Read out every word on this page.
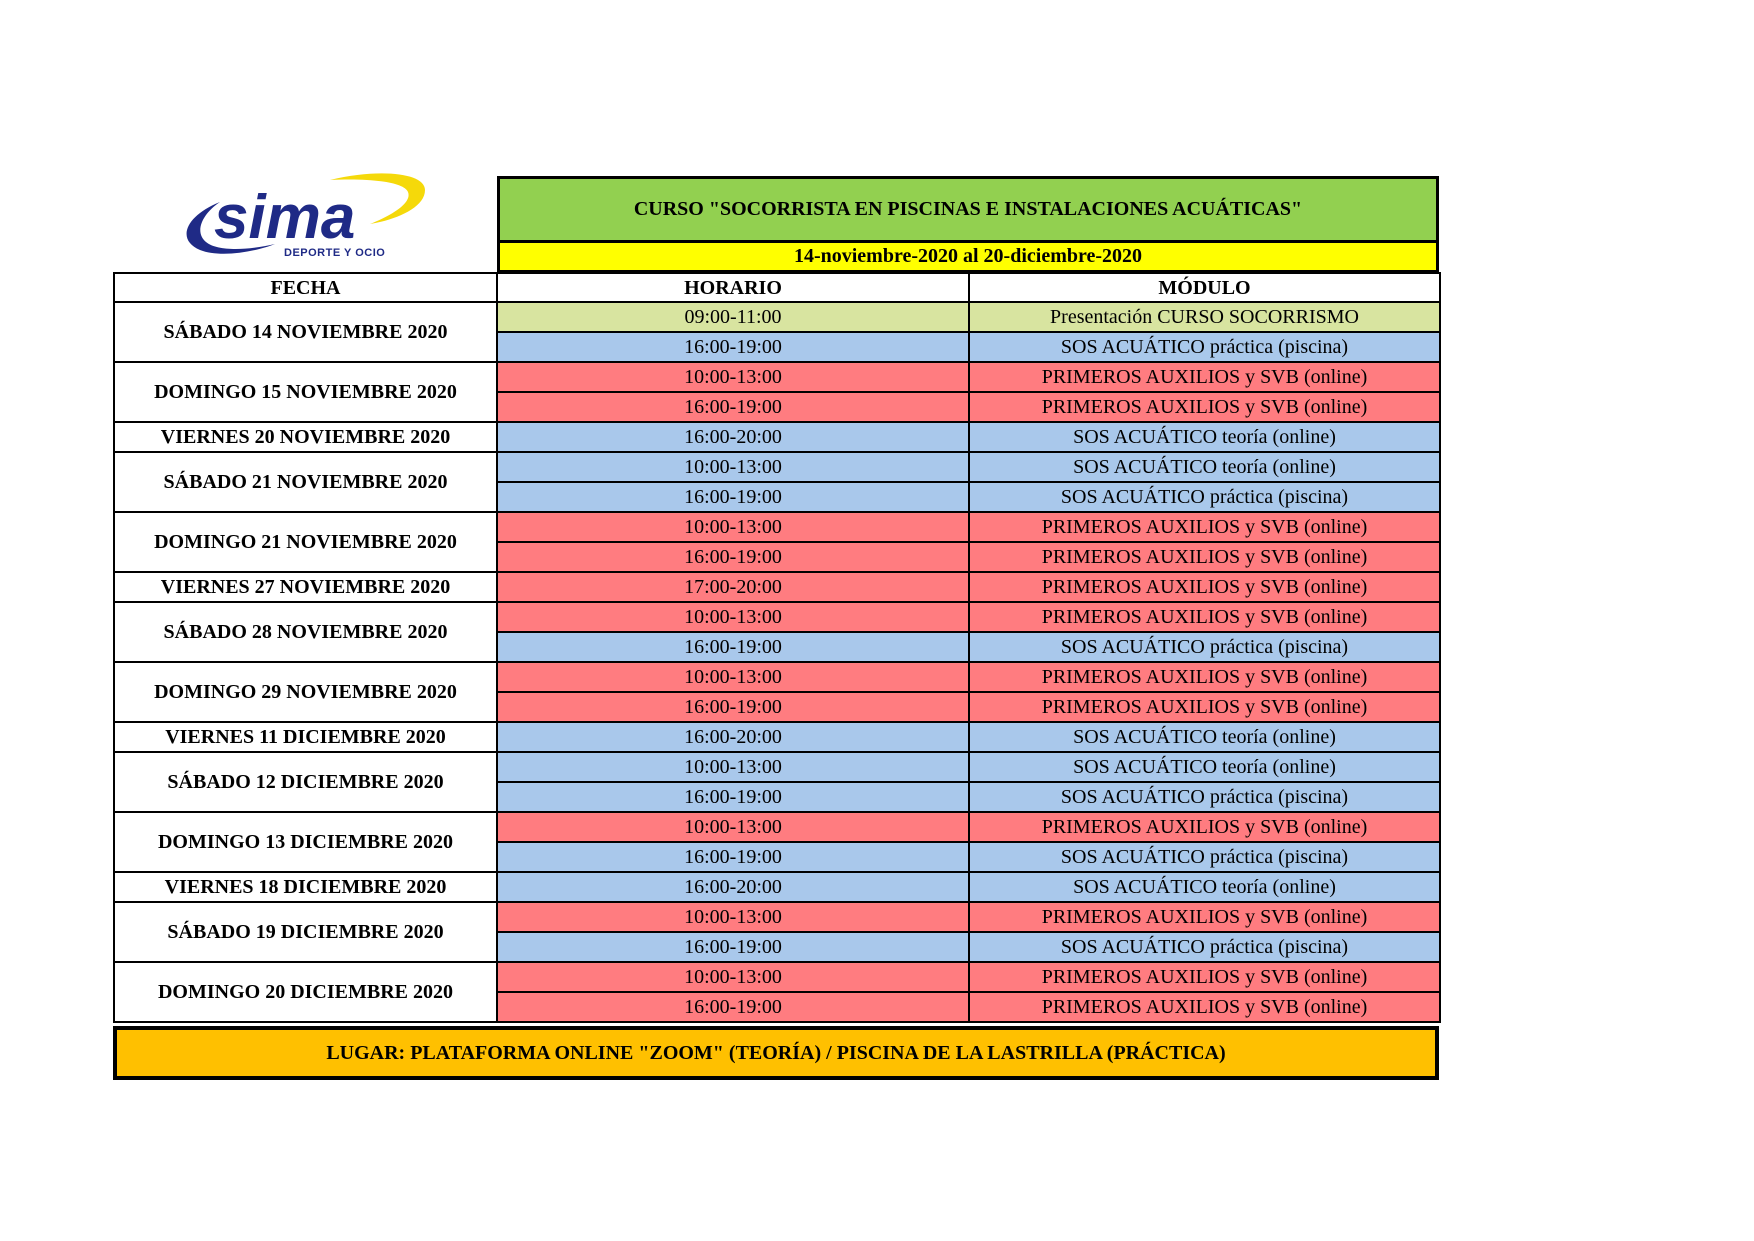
sima
DEPORTE Y OCIO
CURSO "SOCORRISTA EN PISCINAS E INSTALACIONES ACUÁTICAS"
14-noviembre-2020 al 20-diciembre-2020
FECHA	HORARIO	MÓDULO
SÁBADO 14 NOVIEMBRE 2020	09:00-11:00	Presentación CURSO SOCORRISMO
	16:00-19:00	SOS ACUÁTICO práctica (piscina)
DOMINGO 15 NOVIEMBRE 2020	10:00-13:00	PRIMEROS AUXILIOS y SVB (online)
	16:00-19:00	PRIMEROS AUXILIOS y SVB (online)
VIERNES 20 NOVIEMBRE 2020	16:00-20:00	SOS ACUÁTICO teoría (online)
SÁBADO 21 NOVIEMBRE 2020	10:00-13:00	SOS ACUÁTICO teoría (online)
	16:00-19:00	SOS ACUÁTICO práctica (piscina)
DOMINGO 21 NOVIEMBRE 2020	10:00-13:00	PRIMEROS AUXILIOS y SVB (online)
	16:00-19:00	PRIMEROS AUXILIOS y SVB (online)
VIERNES 27 NOVIEMBRE 2020	17:00-20:00	PRIMEROS AUXILIOS y SVB (online)
SÁBADO 28 NOVIEMBRE 2020	10:00-13:00	PRIMEROS AUXILIOS y SVB (online)
	16:00-19:00	SOS ACUÁTICO práctica (piscina)
DOMINGO 29 NOVIEMBRE 2020	10:00-13:00	PRIMEROS AUXILIOS y SVB (online)
	16:00-19:00	PRIMEROS AUXILIOS y SVB (online)
VIERNES 11 DICIEMBRE 2020	16:00-20:00	SOS ACUÁTICO teoría (online)
SÁBADO 12 DICIEMBRE 2020	10:00-13:00	SOS ACUÁTICO teoría (online)
	16:00-19:00	SOS ACUÁTICO práctica (piscina)
DOMINGO 13 DICIEMBRE 2020	10:00-13:00	PRIMEROS AUXILIOS y SVB (online)
	16:00-19:00	SOS ACUÁTICO práctica (piscina)
VIERNES 18 DICIEMBRE 2020	16:00-20:00	SOS ACUÁTICO teoría (online)
SÁBADO 19 DICIEMBRE 2020	10:00-13:00	PRIMEROS AUXILIOS y SVB (online)
	16:00-19:00	SOS ACUÁTICO práctica (piscina)
DOMINGO 20 DICIEMBRE 2020	10:00-13:00	PRIMEROS AUXILIOS y SVB (online)
	16:00-19:00	PRIMEROS AUXILIOS y SVB (online)
LUGAR: PLATAFORMA ONLINE "ZOOM" (TEORÍA) / PISCINA DE LA LASTRILLA (PRÁCTICA)
